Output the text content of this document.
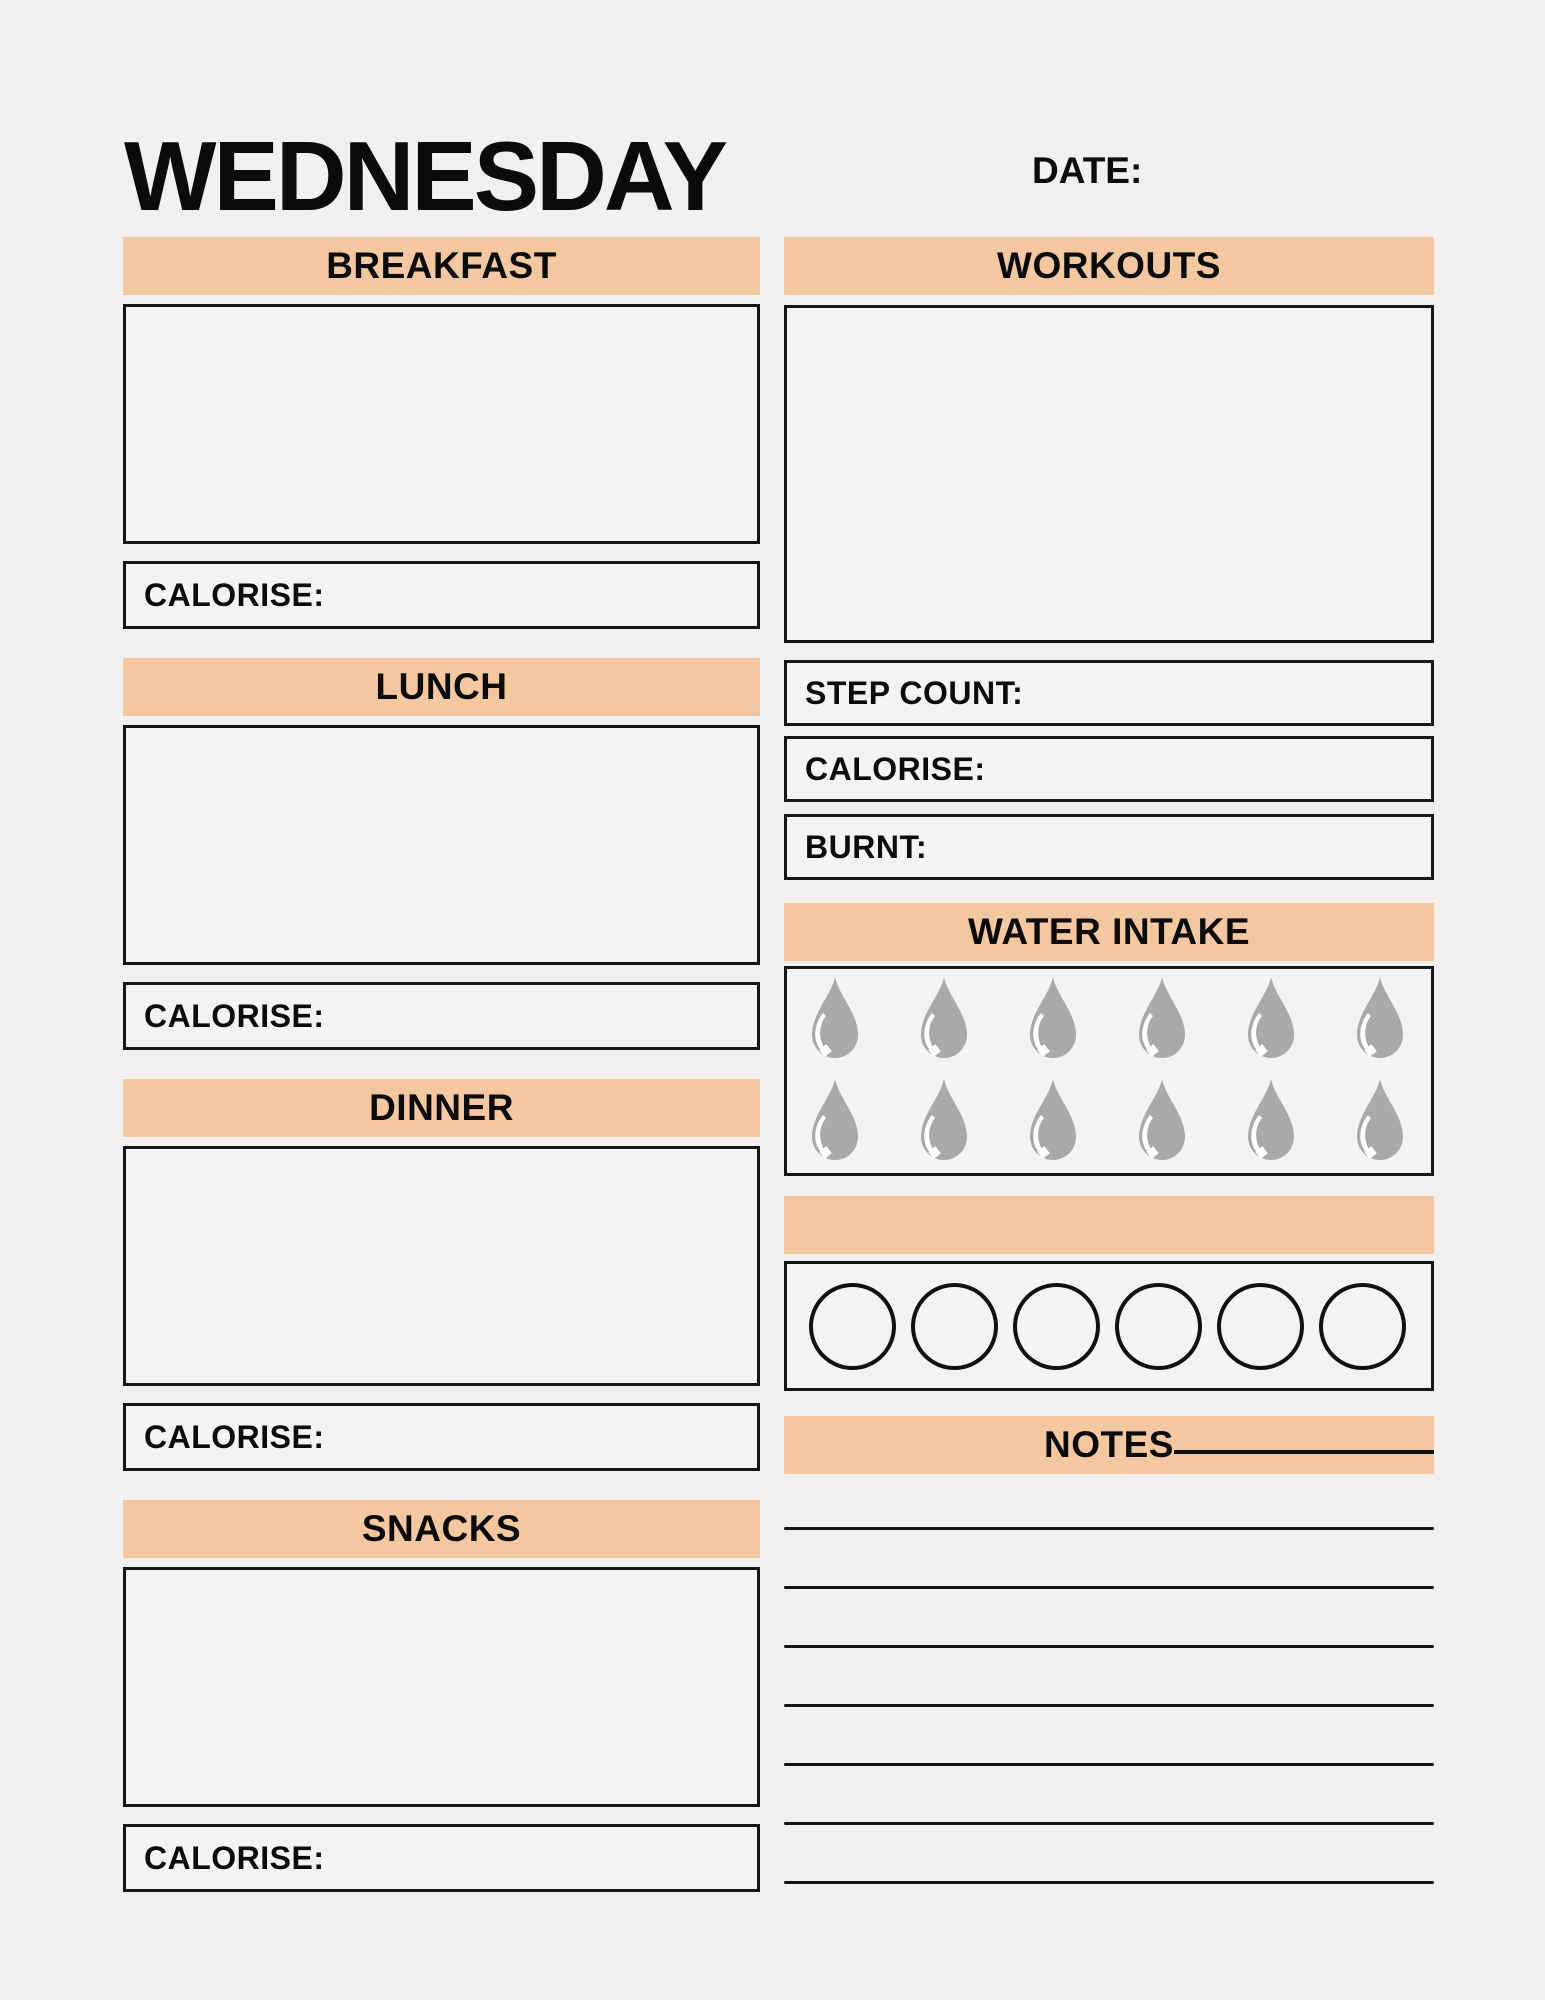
WEDNESDAY	DATE:
BREAKFAST
CALORISE:
LUNCH
CALORISE:
DINNER
CALORISE:
SNACKS
CALORISE:
WORKOUTS
STEP COUNT:
CALORISE:
BURNT:
WATER INTAKE
NOTES
